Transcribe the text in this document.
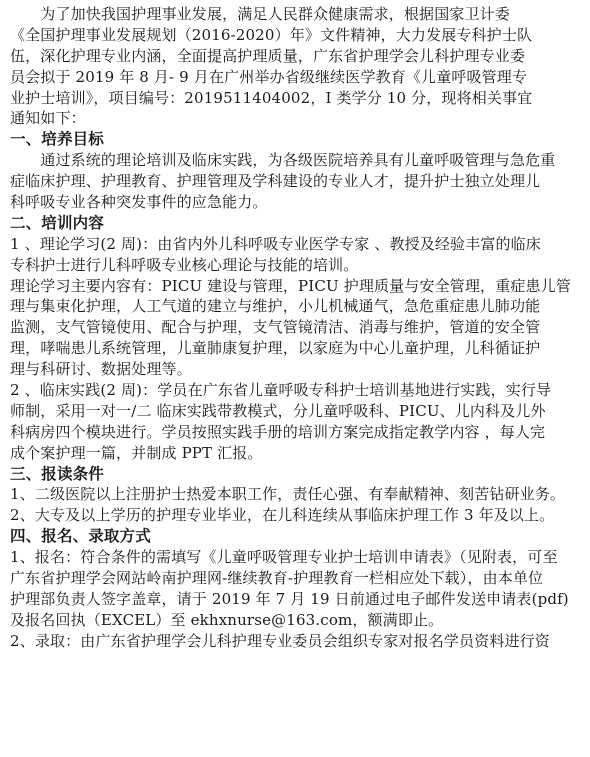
　　为了加快我国护理事业发展，满足人民群众健康需求，根据国家卫计委
《全国护理事业发展规划（2016-2020）年》文件精神，大力发展专科护士队
伍，深化护理专业内涵，全面提高护理质量，广东省护理学会儿科护理专业委
员会拟于 2019 年 8 月- 9 月在广州举办省级继续医学教育《儿童呼吸管理专
业护士培训》，项目编号：2019511404002，I 类学分 10 分，现将相关事宜
通知如下：
一、培养目标
　　通过系统的理论培训及临床实践，为各级医院培养具有儿童呼吸管理与急危重
症临床护理、护理教育、护理管理及学科建设的专业人才，提升护士独立处理儿
科呼吸专业各种突发事件的应急能力。
二、培训内容
1 、理论学习(2 周)：由省内外儿科呼吸专业医学专家 、教授及经验丰富的临床
专科护士进行儿科呼吸专业核心理论与技能的培训。
理论学习主要内容有：PICU 建设与管理，PICU 护理质量与安全管理，重症患儿管
理与集束化护理，人工气道的建立与维护，小儿机械通气，急危重症患儿肺功能
监测，支气管镜使用、配合与护理，支气管镜清洁、消毒与维护，管道的安全管
理，哮喘患儿系统管理，儿童肺康复护理，以家庭为中心儿童护理，儿科循证护
理与科研讨、数据处理等。
2 、临床实践(2 周)：学员在广东省儿童呼吸专科护士培训基地进行实践，实行导
师制，采用一对一/二 临床实践带教模式，分儿童呼吸科、PICU、儿内科及儿外
科病房四个模块进行。学员按照实践手册的培训方案完成指定教学内容 ，每人完
成个案护理一篇，并制成 PPT 汇报。
三、报读条件
1、二级医院以上注册护士热爱本职工作，责任心强、有奉献精神、刻苦钻研业务。
2、大专及以上学历的护理专业毕业，在儿科连续从事临床护理工作 3 年及以上。
四、报名、录取方式
1、报名：符合条件的需填写《儿童呼吸管理专业护士培训申请表》（见附表，可至
广东省护理学会网站岭南护理网-继续教育-护理教育一栏相应处下载），由本单位
护理部负责人签字盖章，请于 2019 年 7 月 19 日前通过电子邮件发送申请表(pdf)
及报名回执（EXCEL）至 ekhxnurse@163.com，额满即止。
2、录取：由广东省护理学会儿科护理专业委员会组织专家对报名学员资料进行资
